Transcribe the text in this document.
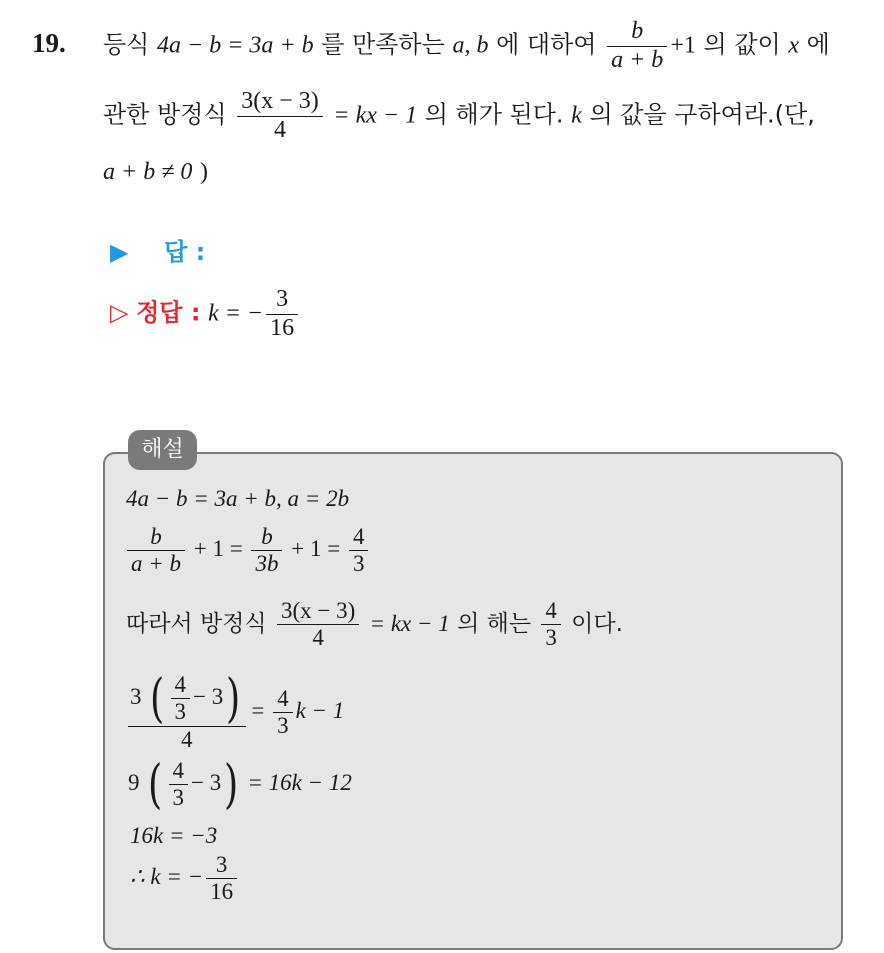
19. 등식 4a − b = 3a + b 를 만족하는 a, b 에 대하여 $\frac{b}{a + b} +1$ 의 값이 x 에
관한 방정식 $\frac{3(x - 3)}{4}$ = kx − 1 의 해가 된다. k 의 값을 구하여라.(단,
a + b ≠ 0 )
▶ 답 :
▷ 정답 : k = − $\frac{3}{16}$
해설
4a − b = 3a + b, a = 2b
$\frac{b}{a + b} + 1 = \frac{b}{3b} + 1 = \frac{4}{3}$
따라서 방정식 $\frac{3(x - 3)}{4}$ = kx − 1 의 해는 $\frac{4}{3}$ 이다.
$\frac{3 ( \frac{4}{3} - 3)}{4} = \frac{4}{3}$ k − 1
9 ( $\frac{4}{3} - 3) = 16k - 12$
16k = −3
∴ k = − $\frac{3}{16}$
